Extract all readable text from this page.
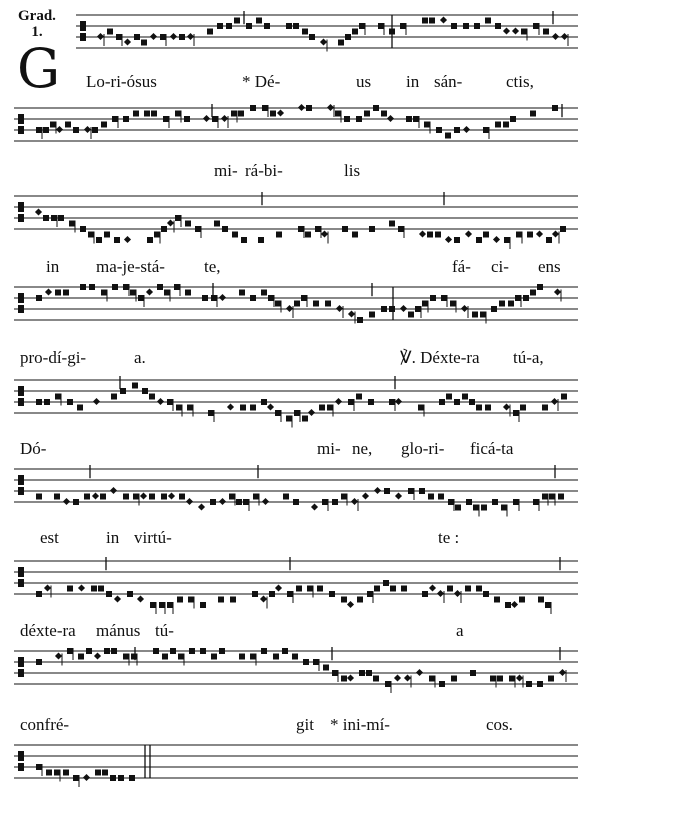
Grad.
1.
G Lo-ri-ósus	* Dé-	us in sán-	ctis,
mi- rá-bi-	lis
in ma-je-stá- te,	fá- ci- ens
pro-dí-gi-	a.	℣. Déxte-ra tú-a,
Dó-	mi- ne, glo-ri- ficá-ta
est	in virtú-	te :
déxte-ra mánus tú-	a
confré-	git * ini-mí-	cos.
